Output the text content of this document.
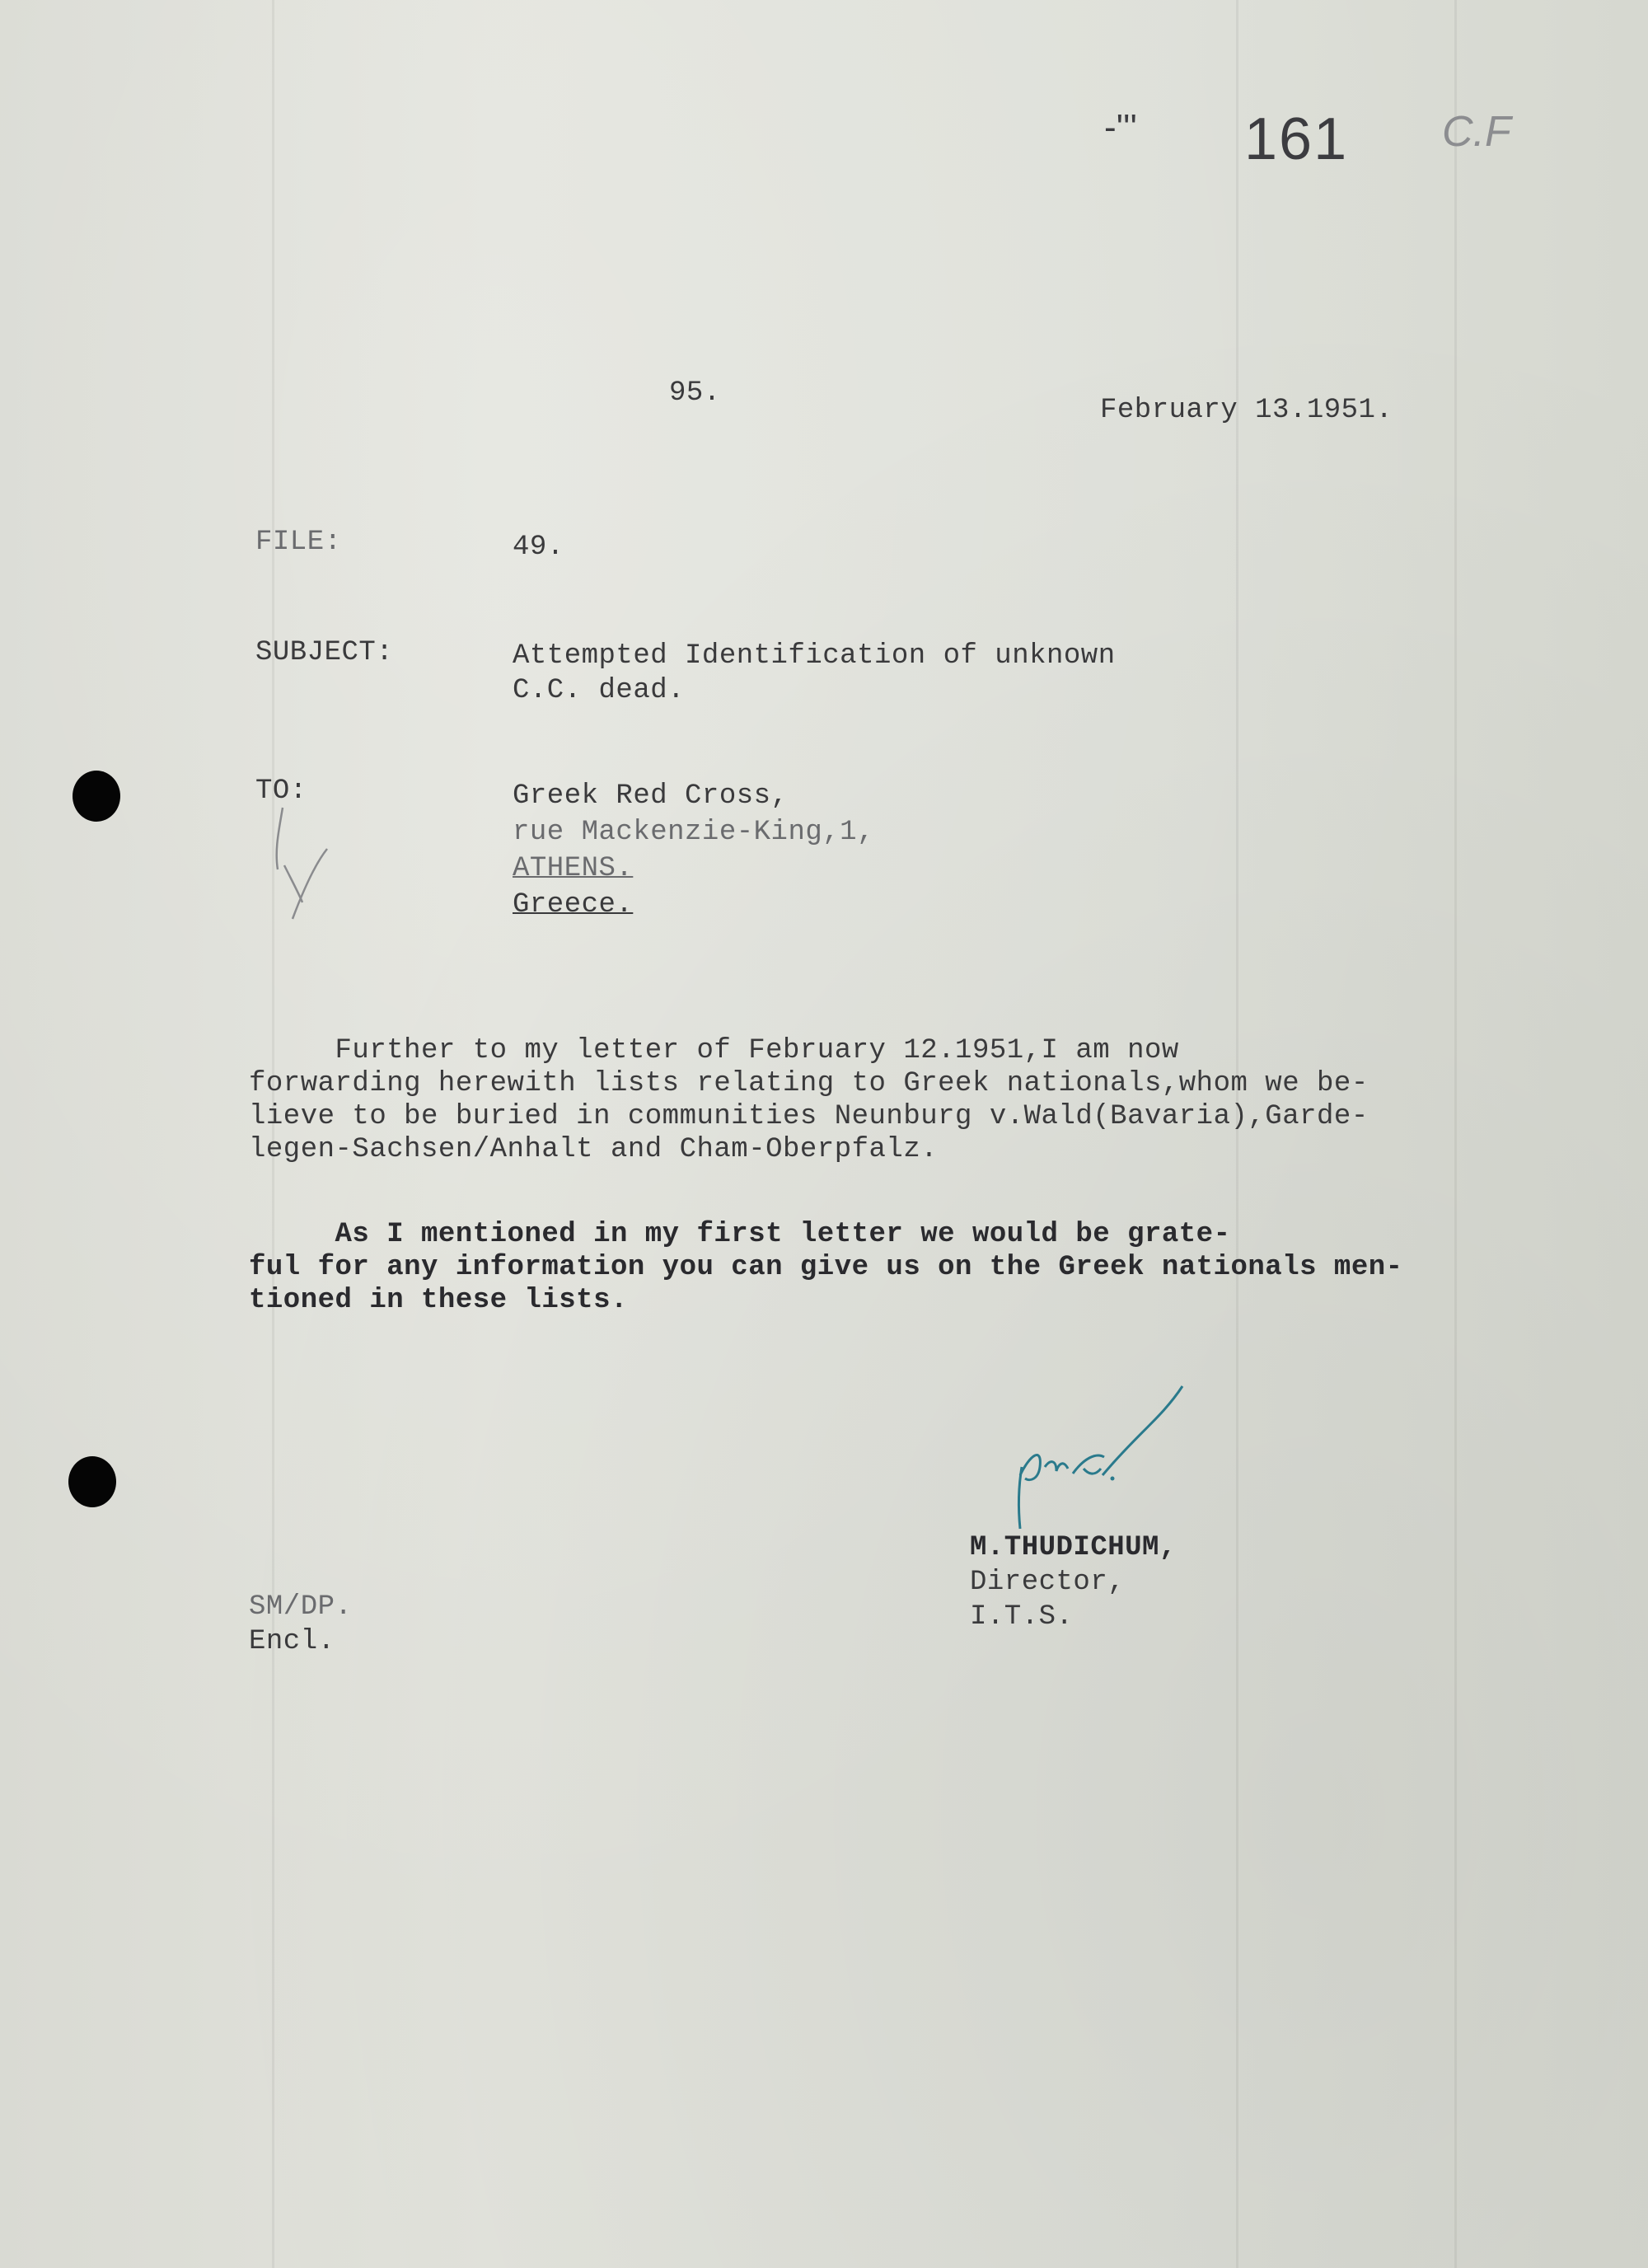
-''' 161 C.F
95.
February 13.1951.
FILE:	49.
SUBJECT:	Attempted Identification of unknown
C.C. dead.
TO:	Greek Red Cross,
rue Mackenzie-King,1,
ATHENS.
Greece.
Further to my letter of February 12.1951,I am now
forwarding herewith lists relating to Greek nationals,whom we be-
lieve to be buried in communities Neunburg v.Wald(Bavaria),Garde-
legen-Sachsen/Anhalt and Cham-Oberpfalz.
As I mentioned in my first letter we would be grate-
ful for any information you can give us on the Greek nationals men-
tioned in these lists.
M.THUDICHUM,
Director,
I.T.S.
SM/DP.
Encl.
